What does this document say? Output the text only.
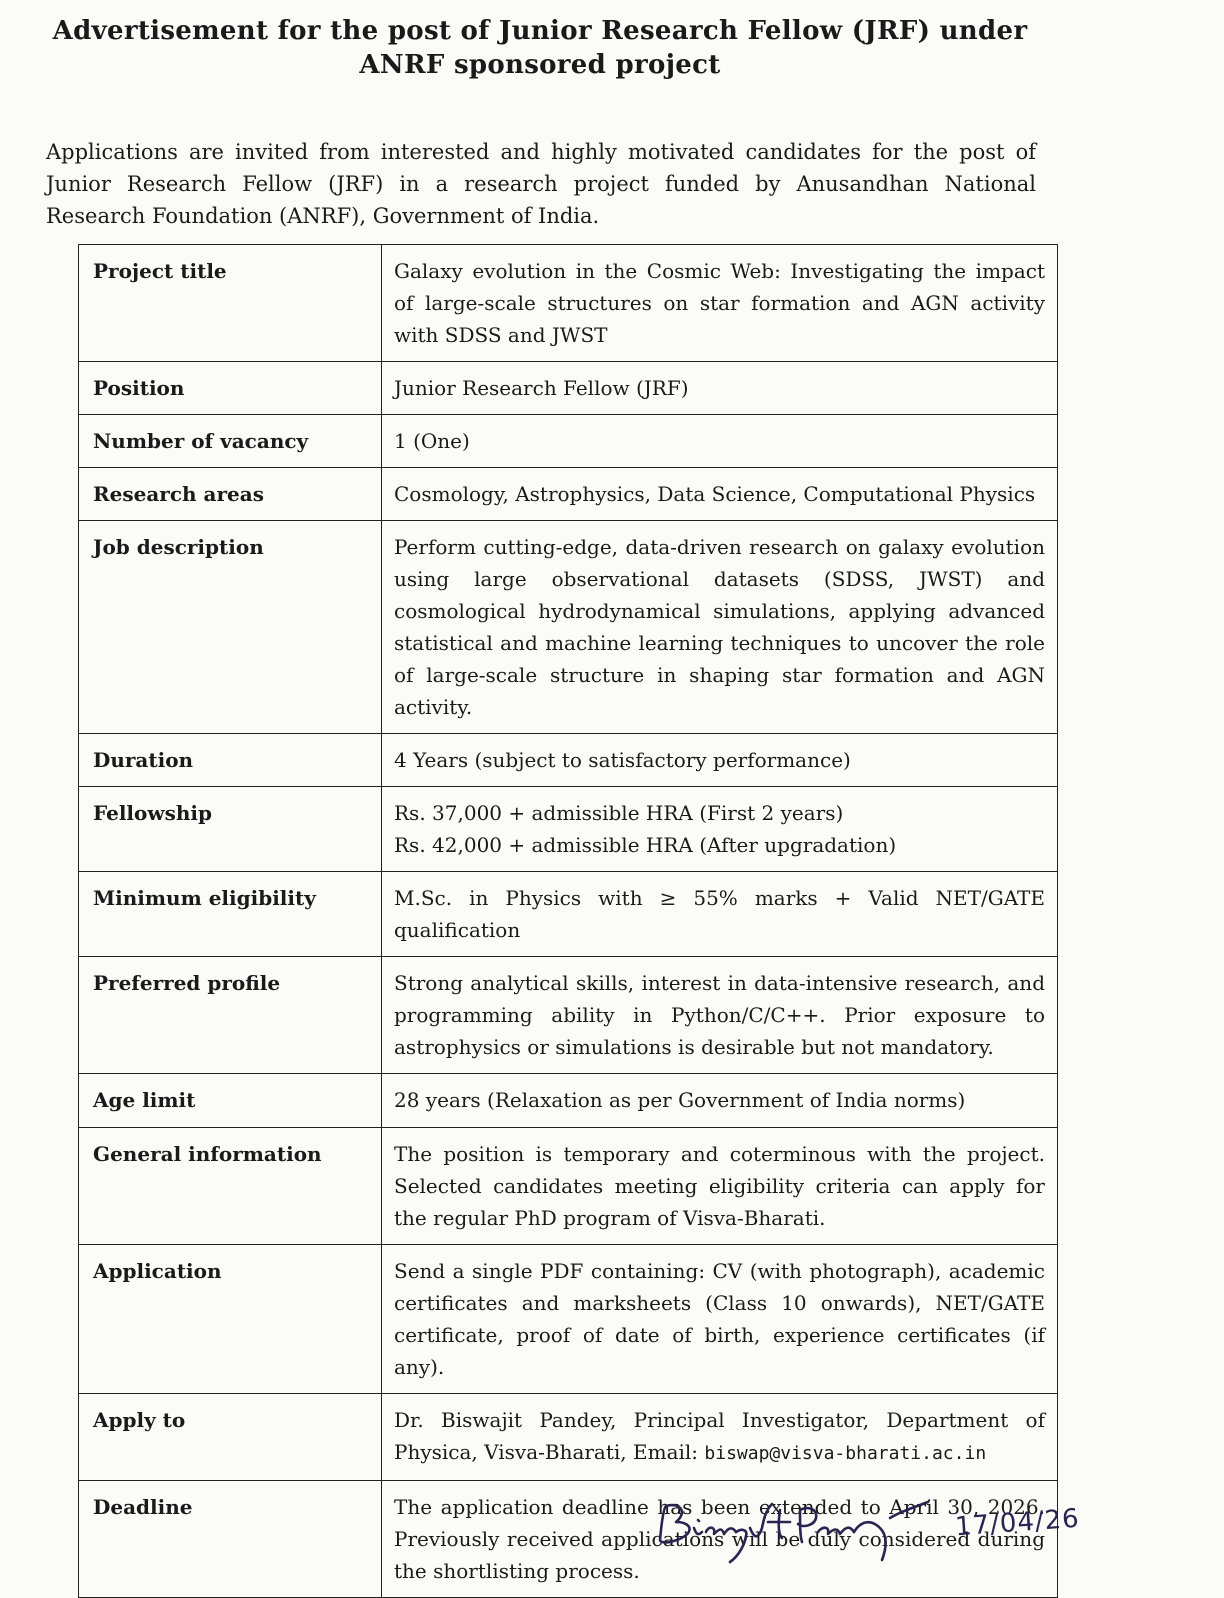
Advertisement for the post of Junior Research Fellow (JRF) under
ANRF sponsored project

Applications are invited from interested and highly motivated candidates for the post of Junior Research Fellow (JRF) in a research project funded by Anusandhan National Research Foundation (ANRF), Government of India.

Project title	Galaxy evolution in the Cosmic Web: Investigating the impact of large-scale structures on star formation and AGN activity with SDSS and JWST
Position	Junior Research Fellow (JRF)
Number of vacancy	1 (One)
Research areas	Cosmology, Astrophysics, Data Science, Computational Physics
Job description	Perform cutting-edge, data-driven research on galaxy evolution using large observational datasets (SDSS, JWST) and cosmological hydrodynamical simulations, applying advanced statistical and machine learning techniques to uncover the role of large-scale structure in shaping star formation and AGN activity.
Duration	4 Years (subject to satisfactory performance)
Fellowship	Rs. 37,000 + admissible HRA (First 2 years)
Rs. 42,000 + admissible HRA (After upgradation)

Minimum eligibility	M.Sc. in Physics with ≥ 55% marks + Valid NET/GATE qualification
Preferred profile	Strong analytical skills, interest in data-intensive research, and programming ability in Python/C/C++. Prior exposure to astrophysics or simulations is desirable but not mandatory.
Age limit	28 years (Relaxation as per Government of India norms)
General information	The position is temporary and coterminous with the project. Selected candidates meeting eligibility criteria can apply for the regular PhD program of Visva-Bharati.
Application	Send a single PDF containing: CV (with photograph), academic certificates and marksheets (Class 10 onwards), NET/GATE certificate, proof of date of birth, experience certificates (if any).
Apply to	Dr. Biswajit Pandey, Principal Investigator, Department of Physica, Visva-Bharati, Email: biswap@visva-bharati.ac.in
Deadline	The application deadline has been extended to April 30, 2026. Previously received applications will be duly considered during the shortlisting process.
17/04/26
